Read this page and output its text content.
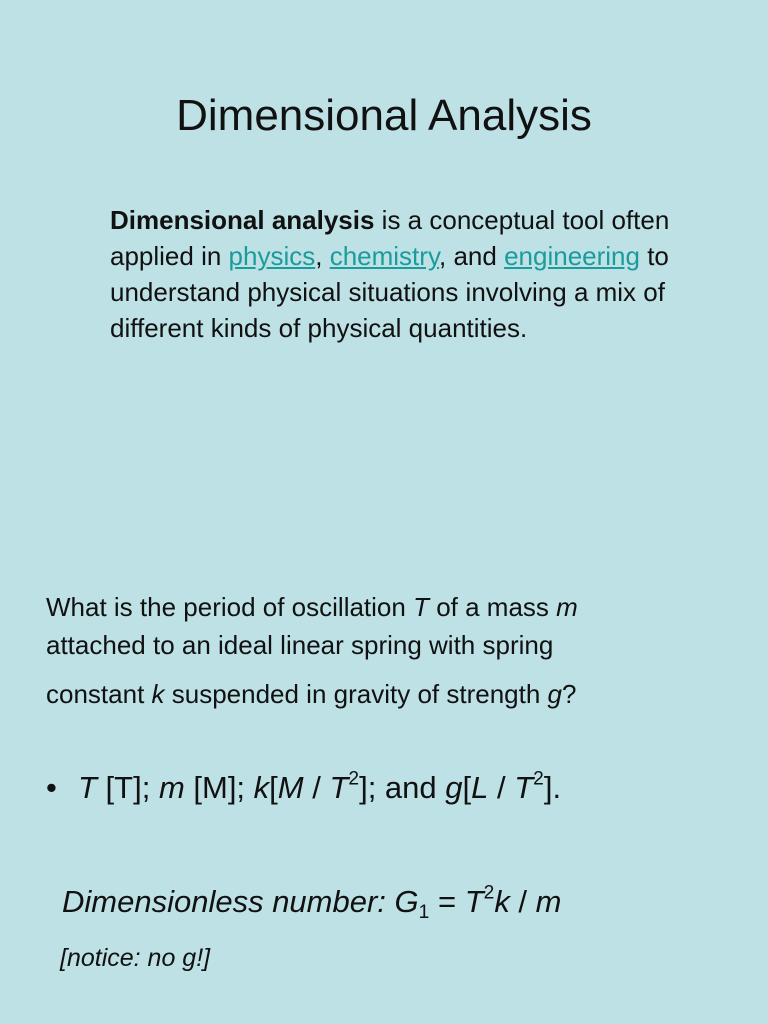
Dimensional Analysis

Dimensional analysis is a conceptual tool often applied in physics, chemistry, and engineering to understand physical situations involving a mix of different kinds of physical quantities.

What is the period of oscillation T of a mass m
attached to an ideal linear spring with spring
constant k suspended in gravity of strength g?

• T [T]; m [M]; $k[M / T^2]$; and $g[L / T^2]$.

Dimensionless number: $G_1 = T^2k / m$

[notice: no g!]
